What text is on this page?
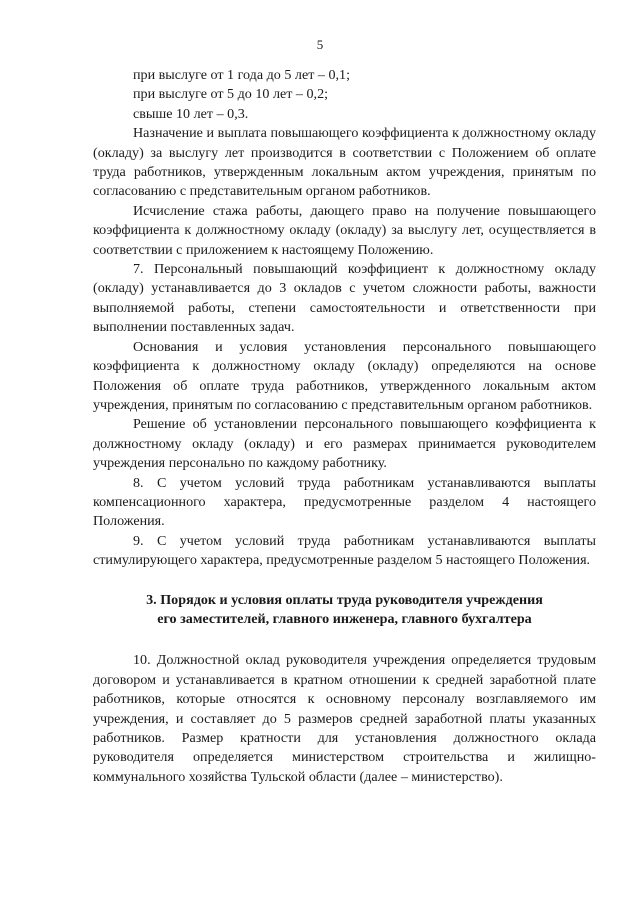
5

при выслуге от 1 года до 5 лет – 0,1;

при выслуге от 5 до 10 лет – 0,2;

свыше 10 лет – 0,3.

Назначение и выплата повышающего коэффициента к должностному окладу (окладу) за выслугу лет производится в соответствии с Положением об оплате труда работников, утвержденным локальным актом учреждения, принятым по согласованию с представительным органом работников.

Исчисление стажа работы, дающего право на получение повышающего коэффициента к должностному окладу (окладу) за выслугу лет, осуществляется в соответствии с приложением к настоящему Положению.

7. Персональный повышающий коэффициент к должностному окладу (окладу) устанавливается до 3 окладов с учетом сложности работы, важности выполняемой работы, степени самостоятельности и ответственности при выполнении поставленных задач.

Основания и условия установления персонального повышающего коэффициента к должностному окладу (окладу) определяются на основе Положения об оплате труда работников, утвержденного локальным актом учреждения, принятым по согласованию с представительным органом работников.

Решение об установлении персонального повышающего коэффициента к должностному окладу (окладу) и его размерах принимается руководителем учреждения персонально по каждому работнику.

8. С учетом условий труда работникам устанавливаются выплаты компенсационного характера, предусмотренные разделом 4 настоящего Положения.

9. С учетом условий труда работникам устанавливаются выплаты стимулирующего характера, предусмотренные разделом 5 настоящего Положения.

3. Порядок и условия оплаты труда руководителя учреждения
его заместителей, главного инженера, главного бухгалтера

10. Должностной оклад руководителя учреждения определяется трудовым договором и устанавливается в кратном отношении к средней заработной плате работников, которые относятся к основному персоналу возглавляемого им учреждения, и составляет до 5 размеров средней заработной платы указанных работников. Размер кратности для установления должностного оклада руководителя определяется министерством строительства и жилищно-коммунального хозяйства Тульской области (далее – министерство).
